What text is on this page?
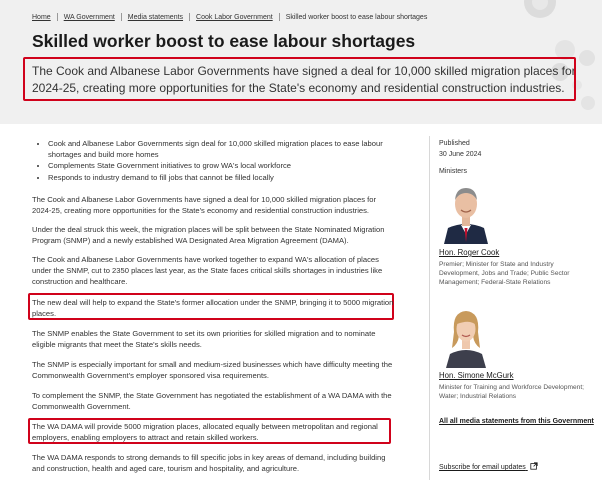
Home WA Government Media statements Cook Labor Government Skilled worker boost to ease labour shortages
Skilled worker boost to ease labour shortages

The Cook and Albanese Labor Governments have signed a deal for 10,000 skilled migration places for 2024-25, creating more opportunities for the State's economy and residential construction industries.

• Cook and Albanese Labor Governments sign deal for 10,000 skilled migration places to ease labour shortages and build more homes
• Complements State Government initiatives to grow WA's local workforce
• Responds to industry demand to fill jobs that cannot be filled locally

The Cook and Albanese Labor Governments have signed a deal for 10,000 skilled migration places for 2024-25, creating more opportunities for the State's economy and residential construction industries.

Under the deal struck this week, the migration places will be split between the State Nominated Migration Program (SNMP) and a newly established WA Designated Area Migration Agreement (DAMA).

The Cook and Albanese Labor Governments have worked together to expand WA's allocation of places under the SNMP, cut to 2350 places last year, as the State faces critical skills shortages in industries like construction and healthcare.

The new deal will help to expand the State's former allocation under the SNMP, bringing it to 5000 migration places.

The SNMP enables the State Government to set its own priorities for skilled migration and to nominate eligible migrants that meet the State's skills needs.

The SNMP is especially important for small and medium-sized businesses which have difficulty meeting the Commonwealth Government's employer sponsored visa requirements.

To complement the SNMP, the State Government has negotiated the establishment of a WA DAMA with the Commonwealth Government.

The WA DAMA will provide 5000 migration places, allocated equally between metropolitan and regional employers, enabling employers to attract and retain skilled workers.

The WA DAMA responds to strong demands to fill specific jobs in key areas of demand, including building and construction, health and aged care, tourism and hospitality, and agriculture.

Published
30 June 2024
Ministers
Hon. Roger Cook
Premier; Minister for State and Industry Development, Jobs and Trade; Public Sector Management; Federal-State Relations
Hon. Simone McGurk
Minister for Training and Workforce Development; Water; Industrial Relations
All all media statements from this Government
Subscribe for email updates
